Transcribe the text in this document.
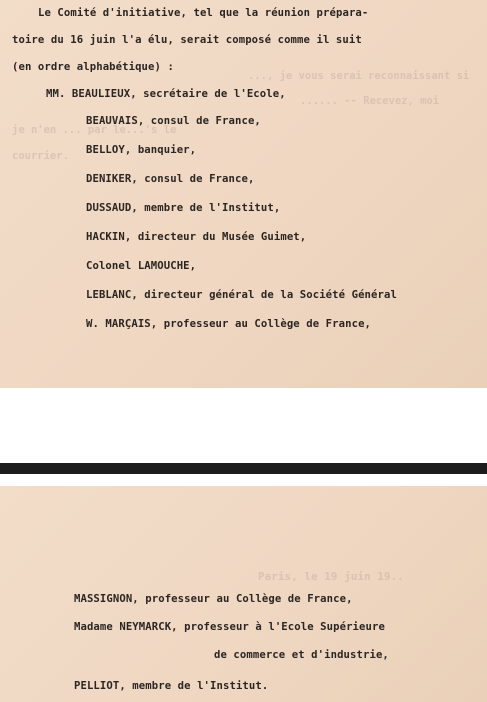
..., je vous serai reconnaissant si
...... -- Recevez, moi
je n'en ... par le...'s le
courrier.
Le Comité d'initiative, tel que la réunion prépara-
toire du 16 juin l'a élu, serait composé comme il suit
(en ordre alphabétique) :
MM. BEAULIEUX, secrétaire de l'Ecole,
BEAUVAIS, consul de France,
BELLOY, banquier,
DENIKER, consul de France,
DUSSAUD, membre de l'Institut,
HACKIN, directeur du Musée Guimet,
Colonel LAMOUCHE,
LEBLANC, directeur général de la Société Général
W. MARÇAIS, professeur au Collège de France,
Paris, le 19 juin 19..
MASSIGNON, professeur au Collège de France,
Madame NEYMARCK, professeur à l'Ecole Supérieure
de commerce et d'industrie,
PELLIOT, membre de l'Institut.
